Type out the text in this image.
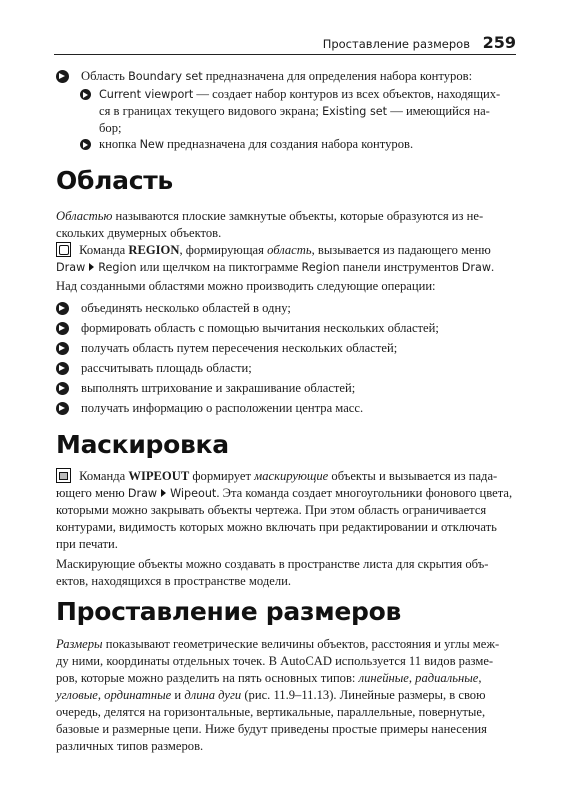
Проставление размеров 259
Область Boundary set предназначена для определения набора контуров:
Current viewport — создает набор контуров из всех объектов, находящих-
ся в границах текущего видового экрана; Existing set — имеющийся на-
бор;
кнопка New предназначена для создания набора контуров.
Область
Областью называются плоские замкнутые объекты, которые образуются из не-
скольких двумерных объектов.
Команда REGION, формирующая область, вызывается из падающего меню
Draw Region или щелчком на пиктограмме Region панели инструментов Draw.
Над созданными областями можно производить следующие операции:
объединять несколько областей в одну;
формировать область с помощью вычитания нескольких областей;
получать область путем пересечения нескольких областей;
рассчитывать площадь области;
выполнять штрихование и закрашивание областей;
получать информацию о расположении центра масс.
Маскировка
Команда WIPEOUT формирует маскирующие объекты и вызывается из пада-
ющего меню Draw Wipeout. Эта команда создает многоугольники фонового цвета,
которыми можно закрывать объекты чертежа. При этом область ограничивается
контурами, видимость которых можно включать при редактировании и отключать
при печати.
Маскирующие объекты можно создавать в пространстве листа для скрытия объ-
ектов, находящихся в пространстве модели.
Проставление размеров
Размеры показывают геометрические величины объектов, расстояния и углы меж-
ду ними, координаты отдельных точек. В AutoCAD используется 11 видов разме-
ров, которые можно разделить на пять основных типов: линейные, радиальные,
угловые, ординатные и длина дуги (рис. 11.9–11.13). Линейные размеры, в свою
очередь, делятся на горизонтальные, вертикальные, параллельные, повернутые,
базовые и размерные цепи. Ниже будут приведены простые примеры нанесения
различных типов размеров.
